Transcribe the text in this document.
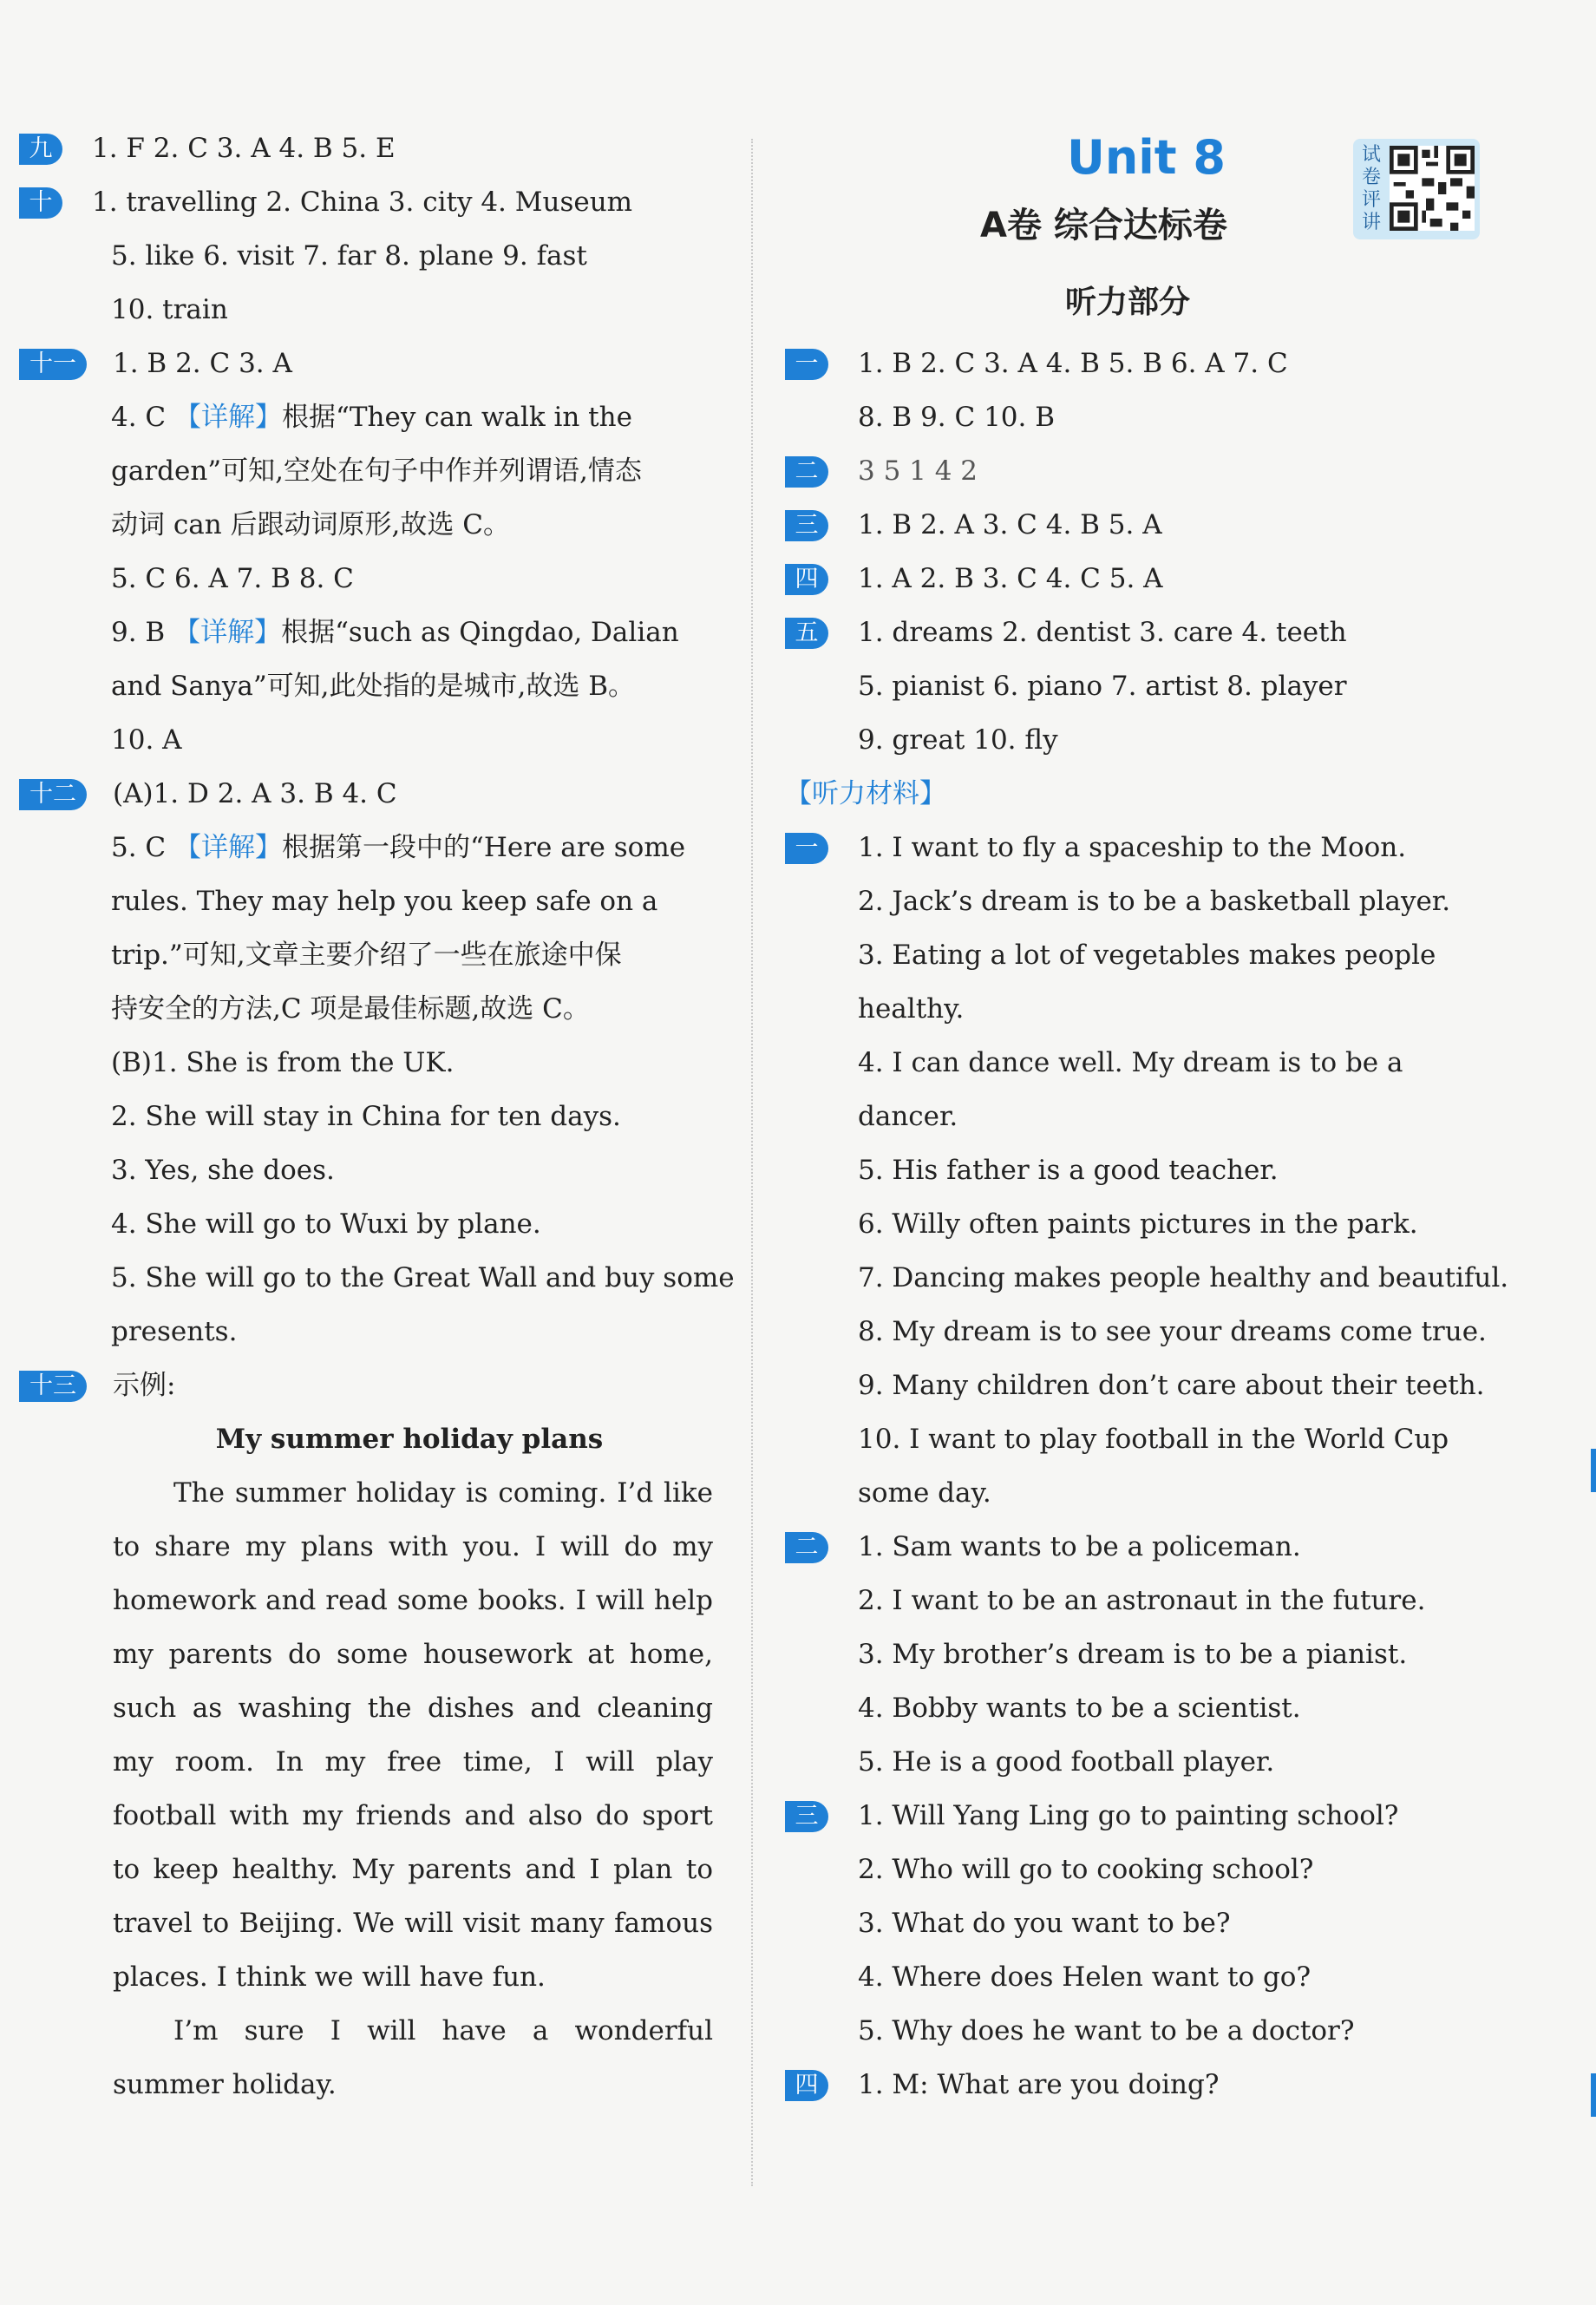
九	1. F 2. C 3. A 4. B 5. E

十	1. travelling 2. China 3. city 4. Museum

5. like 6. visit 7. far 8. plane 9. fast

10. train

十一	1. B 2. C 3. A

4. C 【详解】根据“They can walk in the

garden”可知,空处在句子中作并列谓语,情态

动词 can 后跟动词原形,故选 C。

5. C 6. A 7. B 8. C

9. B 【详解】根据“such as Qingdao, Dalian

and Sanya”可知,此处指的是城市,故选 B。

10. A

十二	(A)1. D 2. A 3. B 4. C

5. C 【详解】根据第一段中的“Here are some

rules. They may help you keep safe on a

trip.”可知,文章主要介绍了一些在旅途中保

持安全的方法,C 项是最佳标题,故选 C。

(B)1. She is from the UK.

2. She will stay in China for ten days.

3. Yes, she does.

4. She will go to Wuxi by plane.

5. She will go to the Great Wall and buy some

presents.

十三	示例:

My summer holiday plans

The summer holiday is coming. I’d like to share my plans with you. I will do my homework and read some books. I will help my parents do some housework at home, such as washing the dishes and cleaning my room. In my free time, I will play football with my friends and also do sport to keep healthy. My parents and I plan to travel to Beijing. We will visit many famous places. I think we will have fun.

I’m sure I will have a wonderful summer holiday.

Unit 8
A卷 综合达标卷
听力部分
试卷评讲

一	1. B 2. C 3. A 4. B 5. B 6. A 7. C

8. B 9. C 10. B

二	3 5 1 4 2

三	1. B 2. A 3. C 4. B 5. A

四	1. A 2. B 3. C 4. C 5. A

五	1. dreams 2. dentist 3. care 4. teeth

5. pianist 6. piano 7. artist 8. player

9. great 10. fly

【听力材料】

一	1. I want to fly a spaceship to the Moon.

2. Jack’s dream is to be a basketball player.

3. Eating a lot of vegetables makes people

healthy.

4. I can dance well. My dream is to be a

dancer.

5. His father is a good teacher.

6. Willy often paints pictures in the park.

7. Dancing makes people healthy and beautiful.

8. My dream is to see your dreams come true.

9. Many children don’t care about their teeth.

10. I want to play football in the World Cup

some day.

二	1. Sam wants to be a policeman.

2. I want to be an astronaut in the future.

3. My brother’s dream is to be a pianist.

4. Bobby wants to be a scientist.

5. He is a good football player.

三	1. Will Yang Ling go to painting school?

2. Who will go to cooking school?

3. What do you want to be?

4. Where does Helen want to go?

5. Why does he want to be a doctor?

四	1. M: What are you doing?
